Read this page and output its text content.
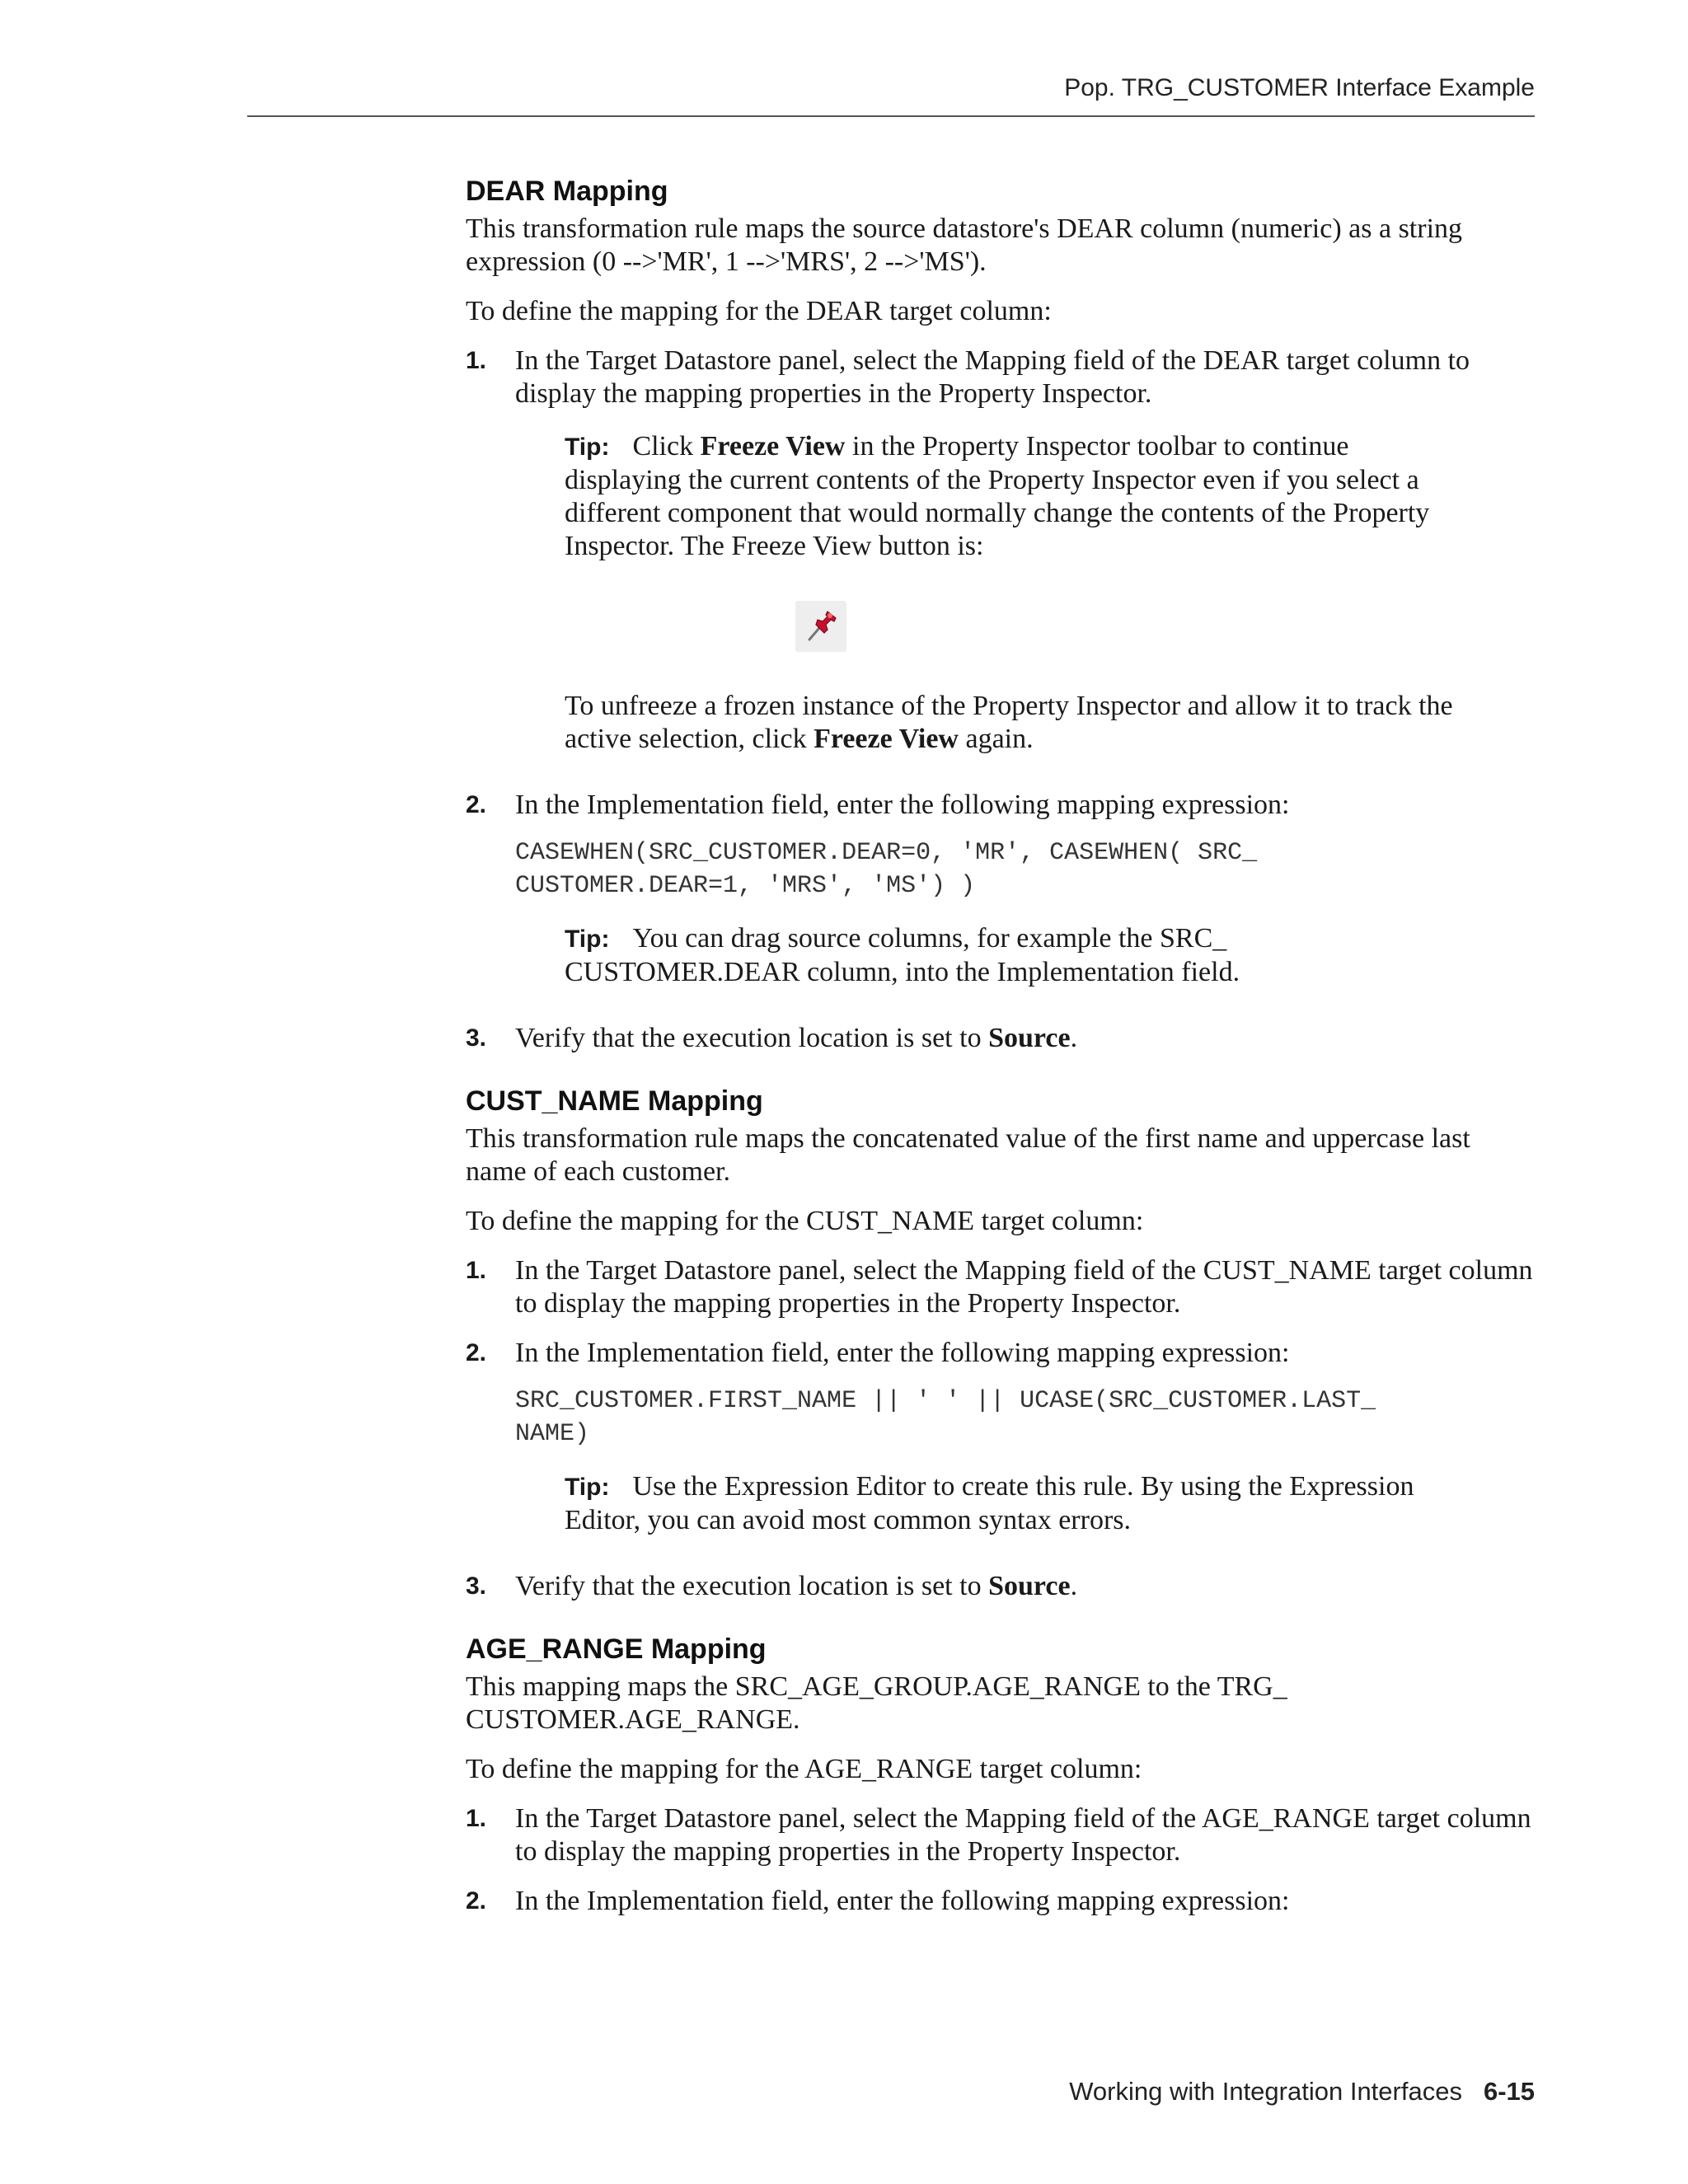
Pop. TRG_CUSTOMER Interface Example
DEAR Mapping

This transformation rule maps the source datastore's DEAR column (numeric) as a string expression (0 -->'MR', 1 -->'MRS', 2 -->'MS').

To define the mapping for the DEAR target column:

1. In the Target Datastore panel, select the Mapping field of the DEAR target column to display the mapping properties in the Property Inspector.
Tip: Click Freeze View in the Property Inspector toolbar to continue displaying the current contents of the Property Inspector even if you select a different component that would normally change the contents of the Property Inspector. The Freeze View button is:
To unfreeze a frozen instance of the Property Inspector and allow it to track the active selection, click Freeze View again.
2. In the Implementation field, enter the following mapping expression:
CASEWHEN(SRC_CUSTOMER.DEAR=0, 'MR', CASEWHEN( SRC_
CUSTOMER.DEAR=1, 'MRS', 'MS') )
Tip: You can drag source columns, for example the SRC_ CUSTOMER.DEAR column, into the Implementation field.
3. Verify that the execution location is set to Source.
CUST_NAME Mapping

This transformation rule maps the concatenated value of the first name and uppercase last name of each customer.

To define the mapping for the CUST_NAME target column:

1. In the Target Datastore panel, select the Mapping field of the CUST_NAME target column to display the mapping properties in the Property Inspector.
2. In the Implementation field, enter the following mapping expression:
SRC_CUSTOMER.FIRST_NAME || ' ' || UCASE(SRC_CUSTOMER.LAST_
NAME)
Tip: Use the Expression Editor to create this rule. By using the Expression Editor, you can avoid most common syntax errors.
3. Verify that the execution location is set to Source.
AGE_RANGE Mapping

This mapping maps the SRC_AGE_GROUP.AGE_RANGE to the TRG_ CUSTOMER.AGE_RANGE.

To define the mapping for the AGE_RANGE target column:

1. In the Target Datastore panel, select the Mapping field of the AGE_RANGE target column to display the mapping properties in the Property Inspector.
2. In the Implementation field, enter the following mapping expression:
Working with Integration Interfaces 6-15
